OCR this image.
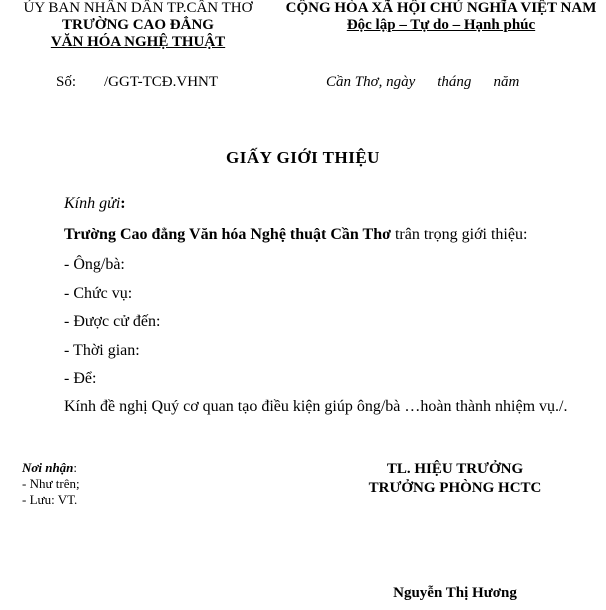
ỦY BAN NHÂN DÂN TP.CẦN THƠ
TRƯỜNG CAO ĐẲNG
VĂN HÓA NGHỆ THUẬT
CỘNG HÒA XÃ HỘI CHỦ NGHĨA VIỆT NAM
Độc lập – Tự do – Hạnh phúc
Số: /GGT-TCĐ.VHNT	Cần Thơ, ngày tháng năm
GIẤY GIỚI THIỆU
Kính gửi:
Trường Cao đẳng Văn hóa Nghệ thuật Cần Thơ trân trọng giới thiệu:
- Ông/bà:
- Chức vụ:
- Được cử đến:
- Thời gian:
- Để:
Kính đề nghị Quý cơ quan tạo điều kiện giúp ông/bà …hoàn thành nhiệm vụ./.
Nơi nhận:
- Như trên;
- Lưu: VT.
TL. HIỆU TRƯỞNG
TRƯỞNG PHÒNG HCTC
Nguyễn Thị Hương
